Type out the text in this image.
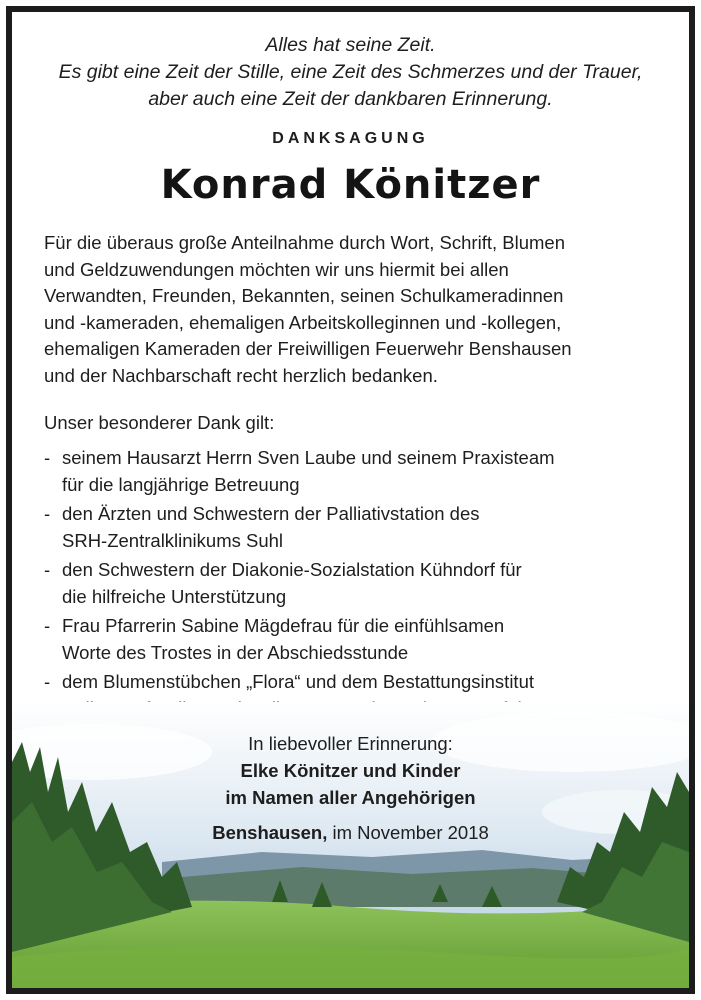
Alles hat seine Zeit.
Es gibt eine Zeit der Stille, eine Zeit des Schmerzes und der Trauer,
aber auch eine Zeit der dankbaren Erinnerung.
DANKSAGUNG
Konrad Könitzer
Für die überaus große Anteilnahme durch Wort, Schrift, Blumen
und Geldzuwendungen möchten wir uns hiermit bei allen
Verwandten, Freunden, Bekannten, seinen Schulkameradinnen
und -kameraden, ehemaligen Arbeitskolleginnen und -kollegen,
ehemaligen Kameraden der Freiwilligen Feuerwehr Benshausen
und der Nachbarschaft recht herzlich bedanken.
Unser besonderer Dank gilt:
- seinem Hausarzt Herrn Sven Laube und seinem Praxisteam
für die langjährige Betreuung
- den Ärzten und Schwestern der Palliativstation des
SRH-Zentralklinikums Suhl
- den Schwestern der Diakonie-Sozialstation Kühndorf für
die hilfreiche Unterstützung
- Frau Pfarrerin Sabine Mägdefrau für die einfühlsamen
Worte des Trostes in der Abschiedsstunde
- dem Blumenstübchen „Flora“ und dem Bestattungsinstitut
In liebevoller Erinnerung:
Elke Könitzer und Kinder
im Namen aller Angehörigen
Benshausen, im November 2018
